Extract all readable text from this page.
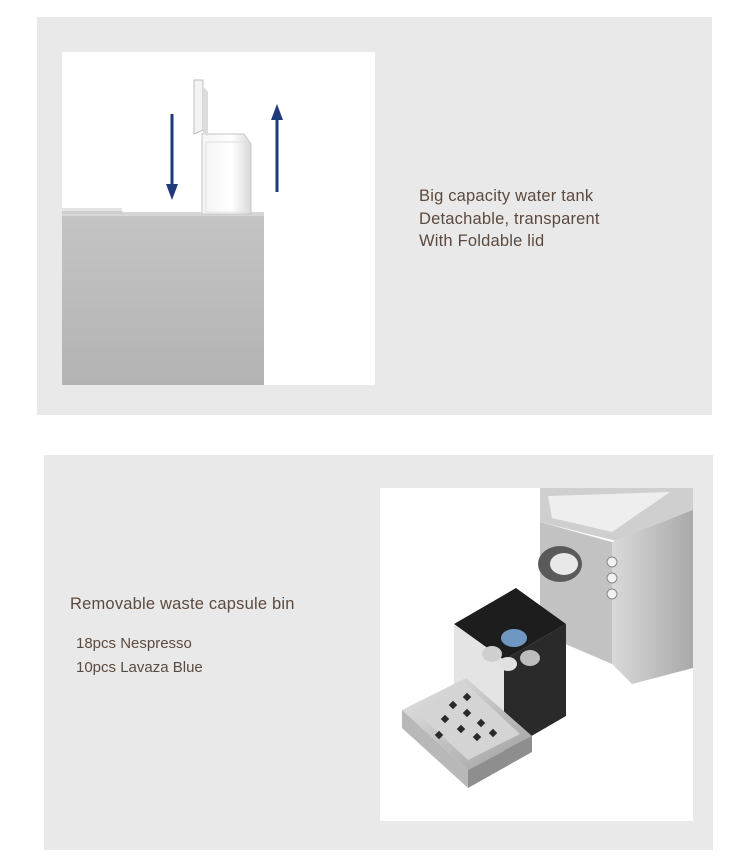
Big capacity water tank
Detachable, transparent
With Foldable lid
Removable waste capsule bin
18pcs Nespresso
10pcs Lavaza Blue
